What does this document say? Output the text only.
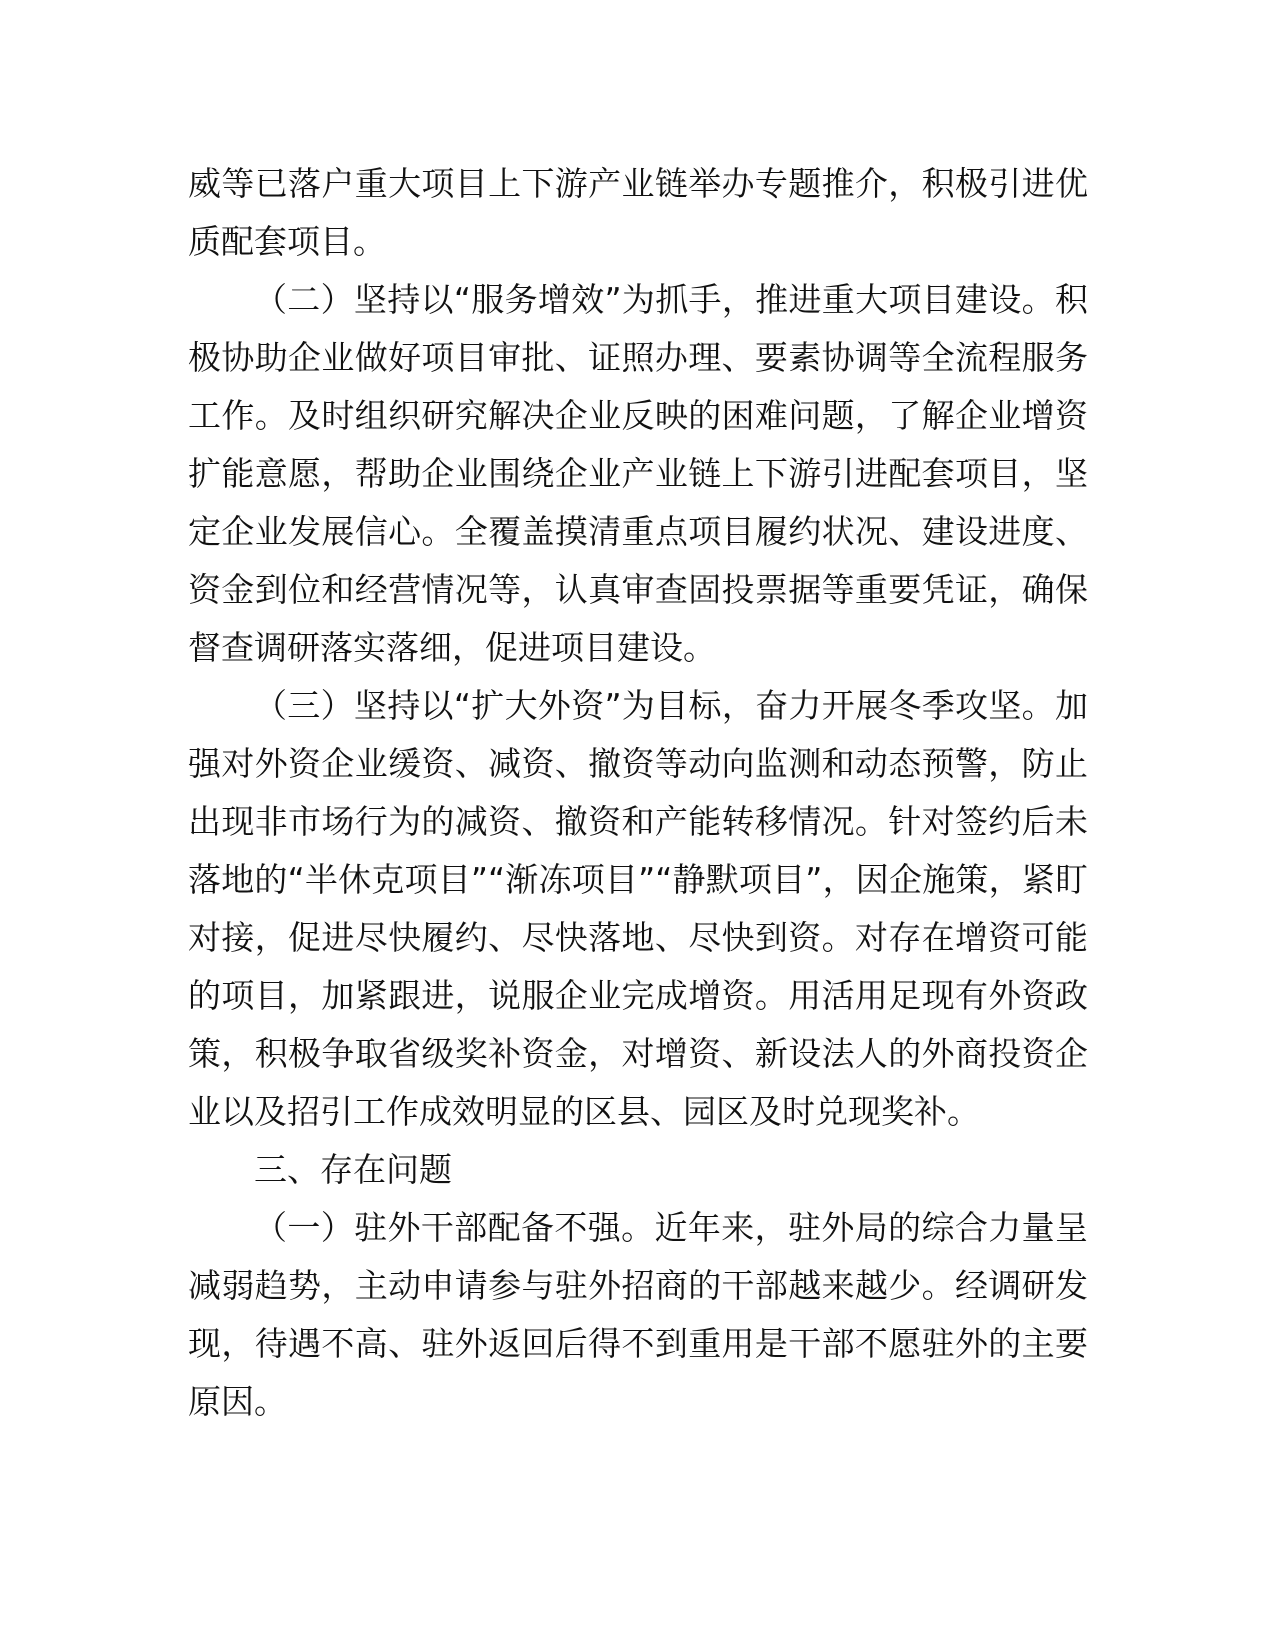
威等已落户重大项目上下游产业链举办专题推介，积极引进优质配套项目。

（二）坚持以“服务增效”为抓手，推进重大项目建设。积极协助企业做好项目审批、证照办理、要素协调等全流程服务工作。及时组织研究解决企业反映的困难问题，了解企业增资扩能意愿，帮助企业围绕企业产业链上下游引进配套项目，坚定企业发展信心。全覆盖摸清重点项目履约状况、建设进度、资金到位和经营情况等，认真审查固投票据等重要凭证，确保督查调研落实落细，促进项目建设。

（三）坚持以“扩大外资”为目标，奋力开展冬季攻坚。加强对外资企业缓资、减资、撤资等动向监测和动态预警，防止出现非市场行为的减资、撤资和产能转移情况。针对签约后未落地的“半休克项目”“渐冻项目”“静默项目”，因企施策，紧盯对接，促进尽快履约、尽快落地、尽快到资。对存在增资可能的项目，加紧跟进，说服企业完成增资。用活用足现有外资政策，积极争取省级奖补资金，对增资、新设法人的外商投资企业以及招引工作成效明显的区县、园区及时兑现奖补。

三、存在问题

（一）驻外干部配备不强。近年来，驻外局的综合力量呈减弱趋势，主动申请参与驻外招商的干部越来越少。经调研发现，待遇不高、驻外返回后得不到重用是干部不愿驻外的主要原因。
